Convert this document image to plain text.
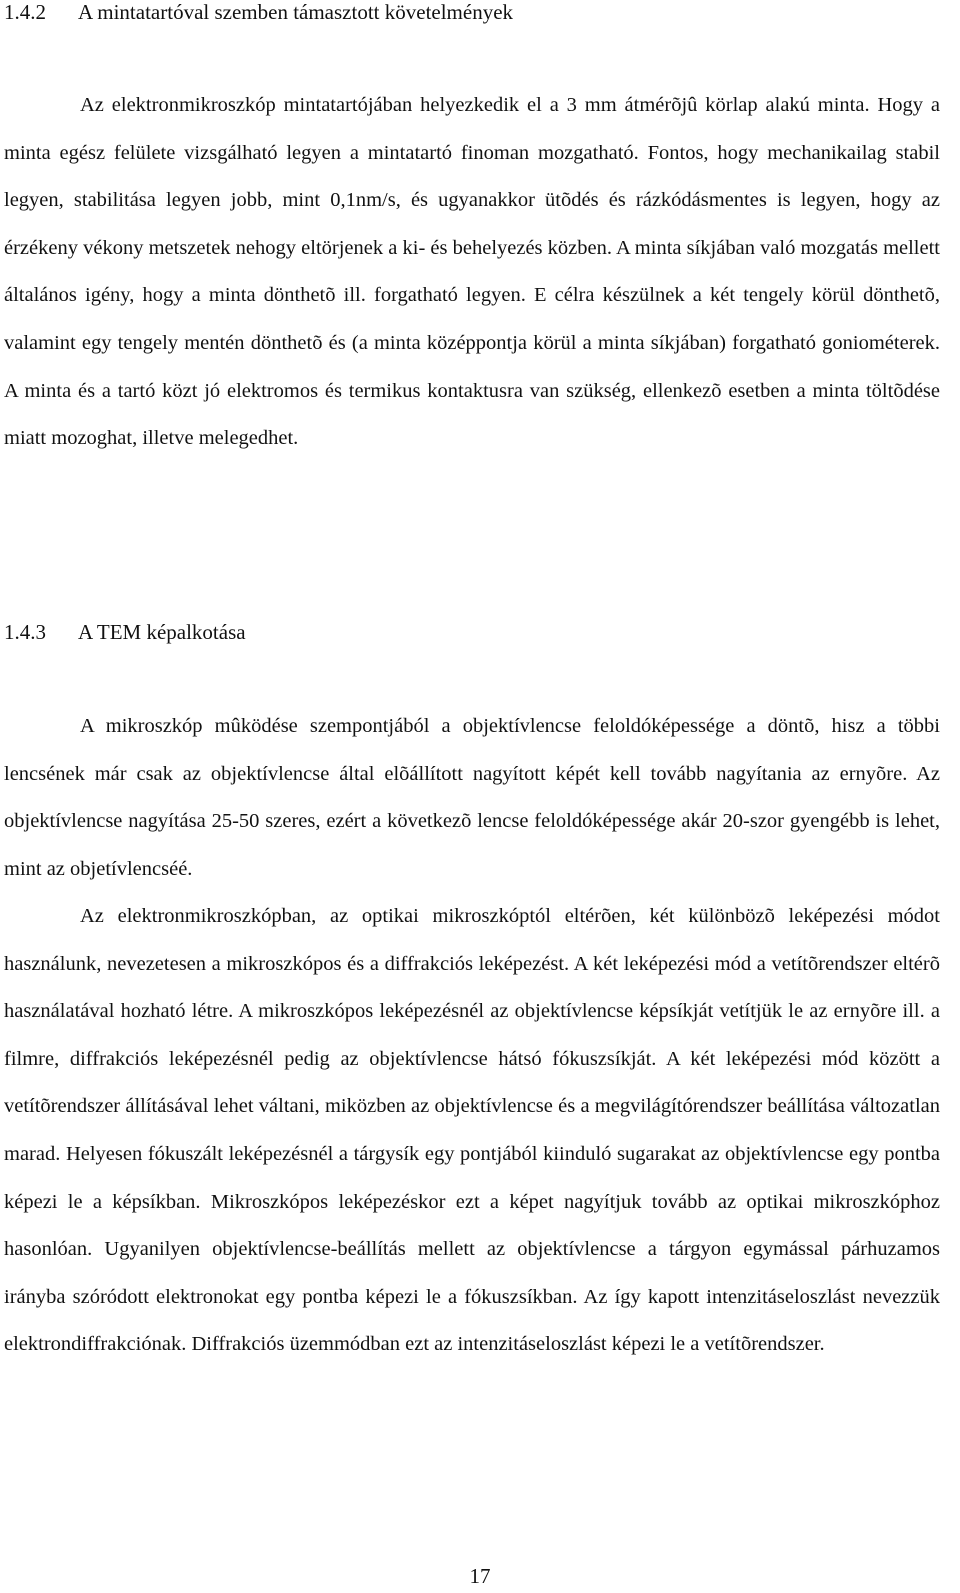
1.4.2 A mintatartóval szemben támasztott követelmények

Az elektronmikroszkóp mintatartójában helyezkedik el a 3 mm átmérõjû körlap alakú minta. Hogy a minta egész felülete vizsgálható legyen a mintatartó finoman mozgatható. Fontos, hogy mechanikailag stabil legyen, stabilitása legyen jobb, mint 0,1nm/s, és ugyanakkor ütõdés és rázkódásmentes is legyen, hogy az érzékeny vékony metszetek nehogy eltörjenek a ki- és behelyezés közben. A minta síkjában való mozgatás mellett általános igény, hogy a minta dönthetõ ill. forgatható legyen. E célra készülnek a két tengely körül dönthetõ, valamint egy tengely mentén dönthetõ és (a minta középpontja körül a minta síkjában) forgatható goniométerek. A minta és a tartó közt jó elektromos és termikus kontaktusra van szükség, ellenkezõ esetben a minta töltõdése miatt mozoghat, illetve melegedhet.

1.4.3 A TEM képalkotása

A mikroszkóp mûködése szempontjából a objektívlencse feloldóképessége a döntõ, hisz a többi lencsének már csak az objektívlencse által elõállított nagyított képét kell tovább nagyítania az ernyõre. Az objektívlencse nagyítása 25-50 szeres, ezért a következõ lencse feloldóképessége akár 20-szor gyengébb is lehet, mint az objetívlencséé.

Az elektronmikroszkópban, az optikai mikroszkóptól eltérõen, két különbözõ leképezési módot használunk, nevezetesen a mikroszkópos és a diffrakciós leképezést. A két leképezési mód a vetítõrendszer eltérõ használatával hozható létre. A mikroszkópos leképezésnél az objektívlencse képsíkját vetítjük le az ernyõre ill. a filmre, diffrakciós leképezésnél pedig az objektívlencse hátsó fókuszsíkját. A két leképezési mód között a vetítõrendszer állításával lehet váltani, miközben az objektívlencse és a megvilágítórendszer beállítása változatlan marad. Helyesen fókuszált leképezésnél a tárgysík egy pontjából kiinduló sugarakat az objektívlencse egy pontba képezi le a képsíkban. Mikroszkópos leképezéskor ezt a képet nagyítjuk tovább az optikai mikroszkóphoz hasonlóan. Ugyanilyen objektívlencse-beállítás mellett az objektívlencse a tárgyon egymással párhuzamos irányba szóródott elektronokat egy pontba képezi le a fókuszsíkban. Az így kapott intenzitáseloszlást nevezzük elektrondiffrakciónak. Diffrakciós üzemmódban ezt az intenzitáseloszlást képezi le a vetítõrendszer.

17
